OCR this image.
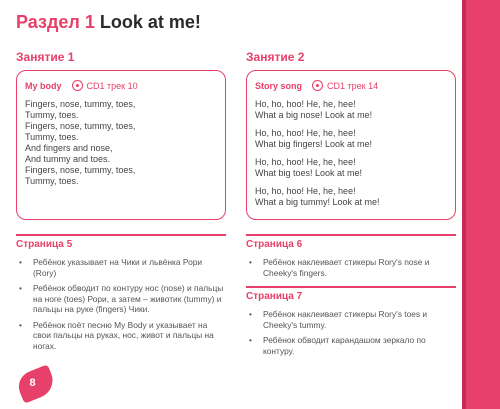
Раздел 1 Look at me!
Занятие 1	Занятие 2
My body	CD1 трек 10
Fingers, nose, tummy, toes,
Tummy, toes.
Fingers, nose, tummy, toes,
Tummy, toes.
And fingers and nose,
And tummy and toes.
Fingers, nose, tummy, toes,
Tummy, toes.
Story song	CD1 трек 14
Ho, ho, hoo! He, he, hee!
What a big nose! Look at me!
Ho, ho, hoo! He, he, hee!
What big fingers! Look at me!
Ho, ho, hoo! He, he, hee!
What big toes! Look at me!
Ho, ho, hoo! He, he, hee!
What a big tummy! Look at me!
Страница 5
• Ребёнок указывает на Чики и львёнка Рори (Rory)
• Ребёнок обводит по контуру нос (nose) и пальцы на ноге (toes) Рори, а затем – животик (tummy) и пальцы на руке (fingers) Чики.
• Ребёнок поёт песню My Body и указывает на свои пальцы на руках, нос, живот и пальцы на ногах.
Страница 6
• Ребёнок наклеивает стикеры Rory's nose и Cheeky's fingers.
Страница 7
• Ребёнок наклеивает стикеры Rory's toes и Cheeky's tummy.
• Ребёнок обводит карандашом зеркало по контуру.
8
